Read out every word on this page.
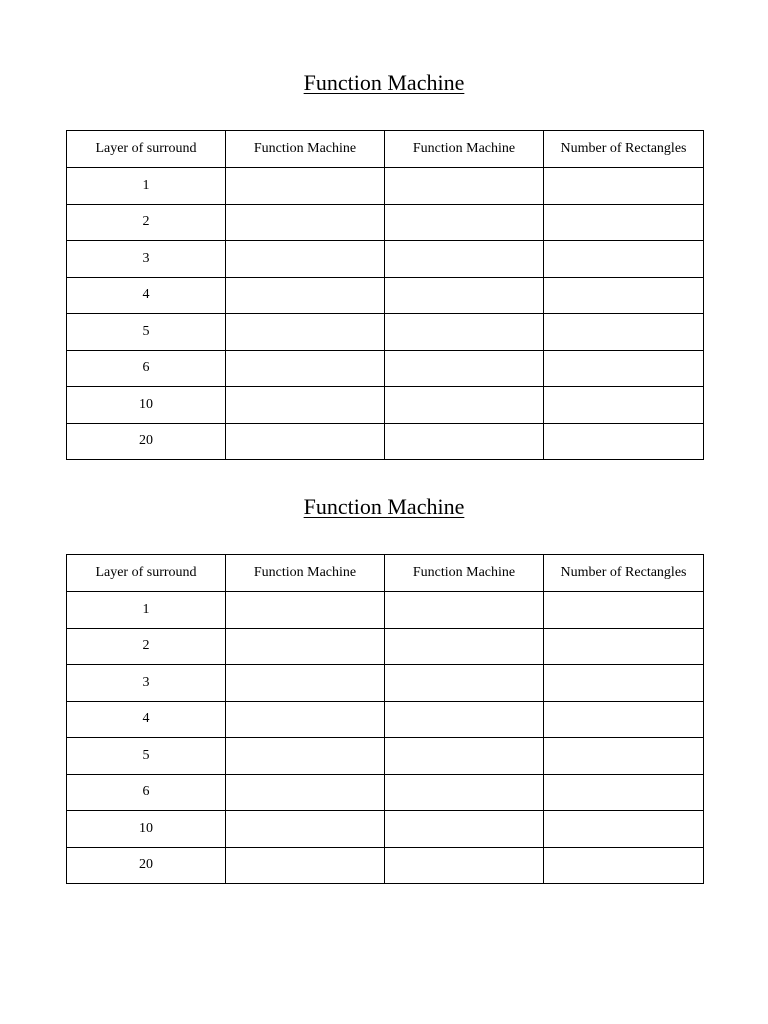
Function Machine
Layer of surround	Function Machine	Function Machine	Number of Rectangles
1			
2			
3			
4			
5			
6			
10			
20			
Function Machine
Layer of surround	Function Machine	Function Machine	Number of Rectangles
1			
2			
3			
4			
5			
6			
10			
20			
